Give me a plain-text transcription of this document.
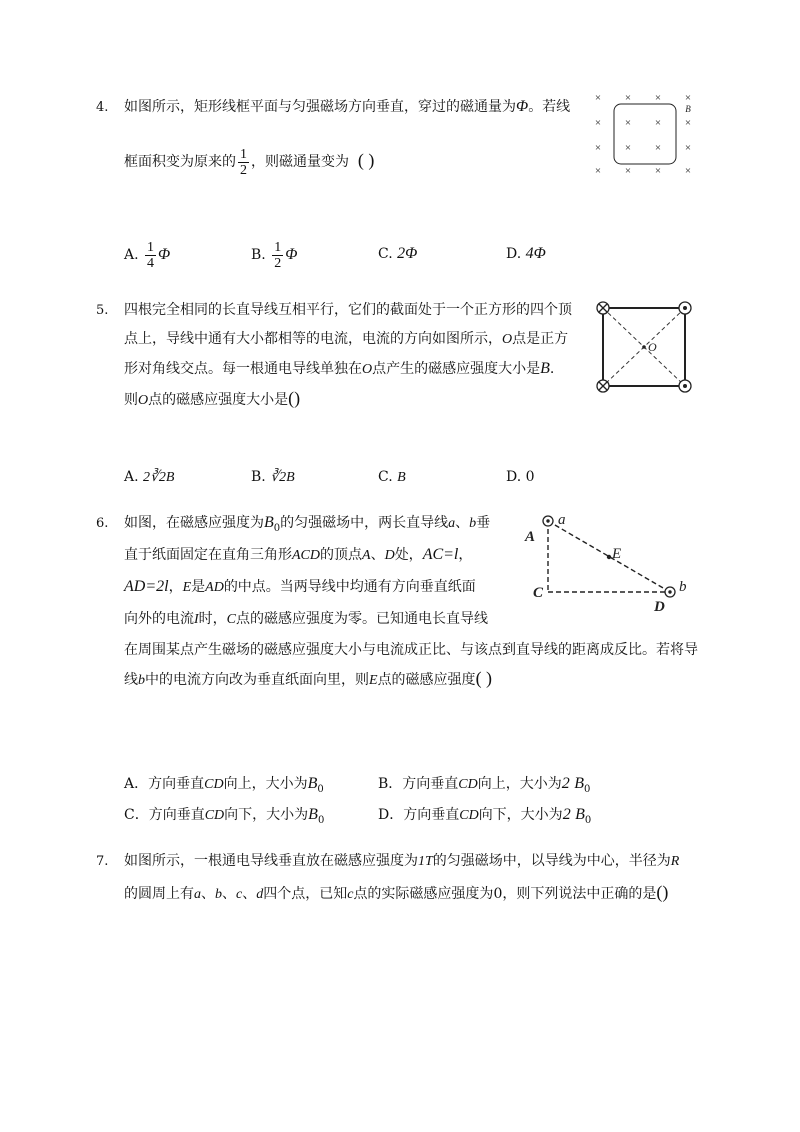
4. 如图所示，矩形线框平面与匀强磁场方向垂直，穿过的磁通量为Φ。若线
框面积变为原来的 $\frac{1}{2}$ ，则磁通量变为 ( )
× × × ×
× × × ×
× × × ×
× × × ×
B
A. $\frac{1}{4}$ Φ	B. $\frac{1}{2}$ Φ	C. 2Φ	D. 4Φ
5. 四根完全相同的长直导线互相平行，它们的截面处于一个正方形的四个顶
点上，导线中通有大小都相等的电流，电流的方向如图所示，O点是正方
形对角线交点。每一根通电导线单独在O点产生的磁感应强度大小是B.
则O点的磁感应强度大小是()
O
A. 2∛2B	B. ∛2B	C. B	D. 0
6. 如图，在磁感应强度为$B_0$的匀强磁场中，两长直导线a、b垂
直于纸面固定在直角三角形ACD的顶点A、D处，AC=l，
AD=2l，E是AD的中点。当两导线中均通有方向垂直纸面
向外的电流I时，C点的磁感应强度为零。已知通电长直导线
在周围某点产生磁场的磁感应强度大小与电流成正比、与该点到直导线的距离成反比。若将导
线b中的电流方向改为垂直纸面向里，则E点的磁感应强度( )
a
A
E
C	b
D
A．方向垂直CD向上，大小为$B_0$	B．方向垂直CD向上，大小为2 $B_0$
C．方向垂直CD向下，大小为$B_0$	D．方向垂直CD向下，大小为2 $B_0$
7. 如图所示，一根通电导线垂直放在磁感应强度为1T的匀强磁场中，以导线为中心，半径为R
的圆周上有a、b、c、d四个点，已知c点的实际磁感应强度为0，则下列说法中正确的是()
